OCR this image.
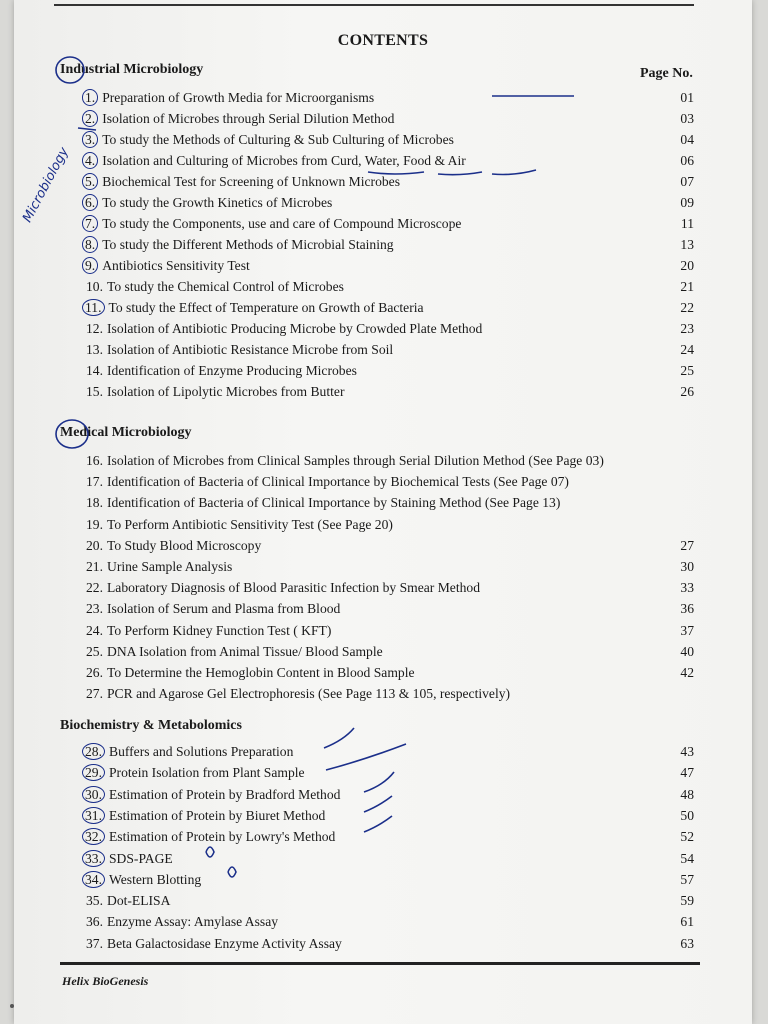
CONTENTS
Page No.
Industrial Microbiology
1. Preparation of Growth Media for Microorganisms	01
2. Isolation of Microbes through Serial Dilution Method	03
3. To study the Methods of Culturing & Sub Culturing of Microbes	04
4. Isolation and Culturing of Microbes from Curd, Water, Food & Air	06
5. Biochemical Test for Screening of Unknown Microbes	07
6. To study the Growth Kinetics of Microbes	09
7. To study the Components, use and care of Compound Microscope	11
8. To study the Different Methods of Microbial Staining	13
9. Antibiotics Sensitivity Test	20
10. To study the Chemical Control of Microbes	21
11. To study the Effect of Temperature on Growth of Bacteria	22
12. Isolation of Antibiotic Producing Microbe by Crowded Plate Method	23
13. Isolation of Antibiotic Resistance Microbe from Soil	24
14. Identification of Enzyme Producing Microbes	25
15. Isolation of Lipolytic Microbes from Butter	26
Medical Microbiology
16. Isolation of Microbes from Clinical Samples through Serial Dilution Method (See Page 03)
17. Identification of Bacteria of Clinical Importance by Biochemical Tests (See Page 07)
18. Identification of Bacteria of Clinical Importance by Staining Method (See Page 13)
19. To Perform Antibiotic Sensitivity Test (See Page 20)
20. To Study Blood Microscopy	27
21. Urine Sample Analysis	30
22. Laboratory Diagnosis of Blood Parasitic Infection by Smear Method	33
23. Isolation of Serum and Plasma from Blood	36
24. To Perform Kidney Function Test ( KFT)	37
25. DNA Isolation from Animal Tissue/ Blood Sample	40
26. To Determine the Hemoglobin Content in Blood Sample	42
27. PCR and Agarose Gel Electrophoresis (See Page 113 & 105, respectively)
Biochemistry & Metabolomics
28. Buffers and Solutions Preparation	43
29. Protein Isolation from Plant Sample	47
30. Estimation of Protein by Bradford Method	48
31. Estimation of Protein by Biuret Method	50
32. Estimation of Protein by Lowry's Method	52
33. SDS-PAGE	54
34. Western Blotting	57
35. Dot-ELISA	59
36. Enzyme Assay: Amylase Assay	61
37. Beta Galactosidase Enzyme Activity Assay	63
Microbiology
Helix BioGenesis
